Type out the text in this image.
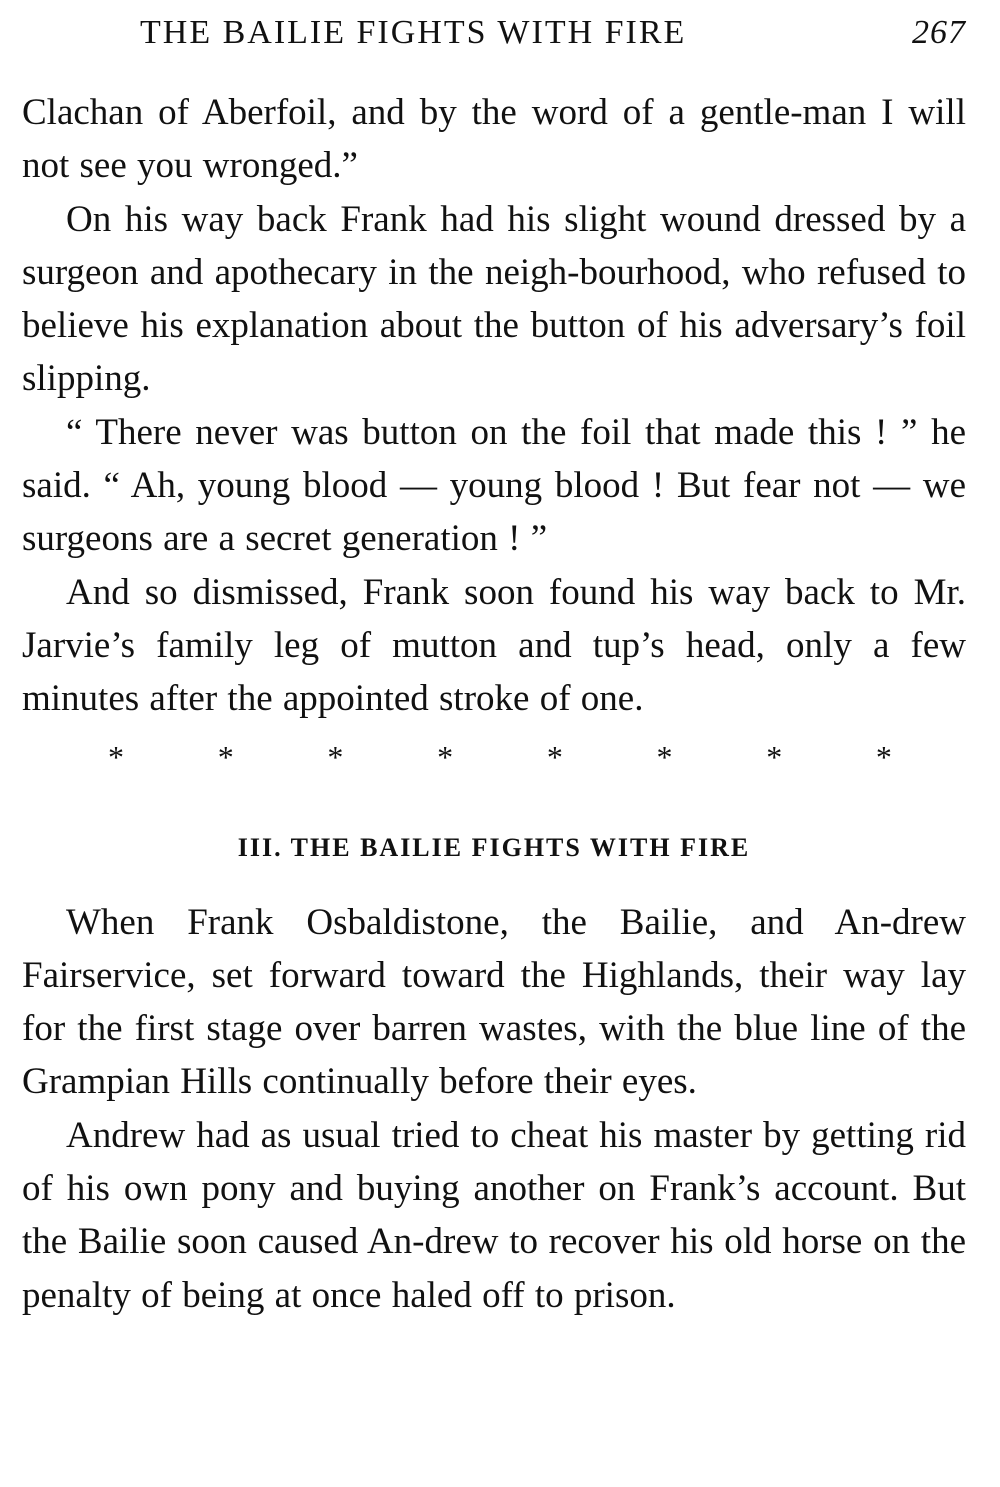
THE BAILIE FIGHTS WITH FIRE	267

Clachan of Aberfoil, and by the word of a gentle-man I will not see you wronged.”

On his way back Frank had his slight wound dressed by a surgeon and apothecary in the neigh-bourhood, who refused to believe his explanation about the button of his adversary’s foil slipping.

“ There never was button on the foil that made this ! ” he said. “ Ah, young blood — young blood ! But fear not — we surgeons are a secret generation ! ”

And so dismissed, Frank soon found his way back to Mr. Jarvie’s family leg of mutton and tup’s head, only a few minutes after the appointed stroke of one.

*	*	*	*	*	*	*	*
III. THE BAILIE FIGHTS WITH FIRE

When Frank Osbaldistone, the Bailie, and An-drew Fairservice, set forward toward the Highlands, their way lay for the first stage over barren wastes, with the blue line of the Grampian Hills continually before their eyes.

Andrew had as usual tried to cheat his master by getting rid of his own pony and buying another on Frank’s account. But the Bailie soon caused An-drew to recover his old horse on the penalty of being at once haled off to prison.
